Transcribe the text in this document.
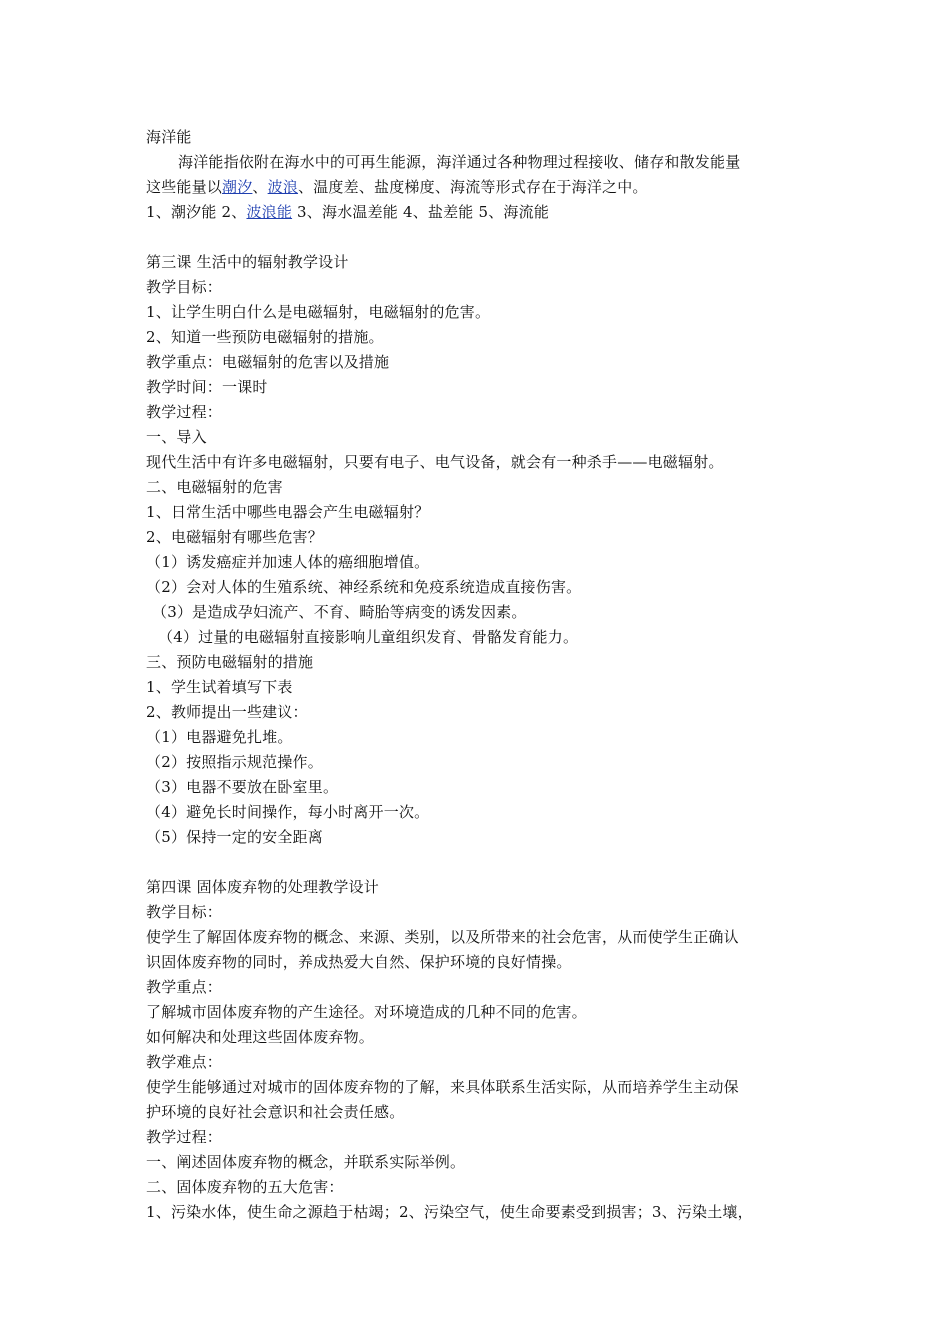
海洋能
海洋能指依附在海水中的可再生能源，海洋通过各种物理过程接收、储存和散发能量
这些能量以潮汐、波浪、温度差、盐度梯度、海流等形式存在于海洋之中。
1、潮汐能 2、波浪能 3、海水温差能 4、盐差能 5、海流能
第三课 生活中的辐射教学设计
教学目标：
1、让学生明白什么是电磁辐射，电磁辐射的危害。
2、知道一些预防电磁辐射的措施。
教学重点：电磁辐射的危害以及措施
教学时间：一课时
教学过程：
一、导入
现代生活中有许多电磁辐射，只要有电子、电气设备，就会有一种杀手——电磁辐射。
二、电磁辐射的危害
1、日常生活中哪些电器会产生电磁辐射？
2、电磁辐射有哪些危害？
（1）诱发癌症并加速人体的癌细胞增值。
（2）会对人体的生殖系统、神经系统和免疫系统造成直接伤害。
（3）是造成孕妇流产、不育、畸胎等病变的诱发因素。
（4）过量的电磁辐射直接影响儿童组织发育、骨骼发育能力。
三、预防电磁辐射的措施
1、学生试着填写下表
2、教师提出一些建议：
（1）电器避免扎堆。
（2）按照指示规范操作。
（3）电器不要放在卧室里。
（4）避免长时间操作，每小时离开一次。
（5）保持一定的安全距离
第四课 固体废弃物的处理教学设计
教学目标：
使学生了解固体废弃物的概念、来源、类别，以及所带来的社会危害，从而使学生正确认
识固体废弃物的同时，养成热爱大自然、保护环境的良好情操。
教学重点：
了解城市固体废弃物的产生途径。对环境造成的几种不同的危害。
如何解决和处理这些固体废弃物。
教学难点：
使学生能够通过对城市的固体废弃物的了解，来具体联系生活实际，从而培养学生主动保
护环境的良好社会意识和社会责任感。
教学过程：
一、阐述固体废弃物的概念，并联系实际举例。
二、固体废弃物的五大危害：
1、污染水体，使生命之源趋于枯竭；2、污染空气，使生命要素受到损害；3、污染土壤，
